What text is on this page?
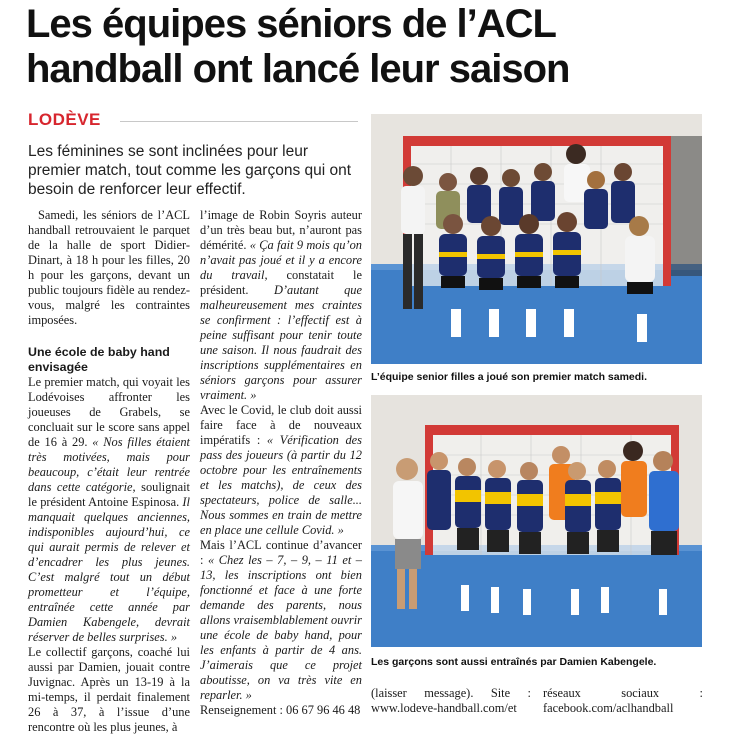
Les équipes séniors de l’ACL
handball ont lancé leur saison
LODÈVE
Les féminines se sont inclinées pour leur premier match, tout comme les garçons qui ont besoin de renforcer leur effectif.

Samedi, les séniors de l’ACL handball retrouvaient le parquet de la halle de sport Didier-Dinart, à 18 h pour les filles, 20 h pour les garçons, devant un public toujours fidèle au rendez-vous, malgré les contraintes imposées.

Une école de baby hand envisagée

Le premier match, qui voyait les Lodévoises affronter les joueuses de Grabels, se concluait sur le score sans appel de 16 à 29. « Nos filles étaient très motivées, mais pour beaucoup, c’était leur rentrée dans cette catégorie, soulignait le président Antoine Espinosa. Il manquait quelques anciennes, indisponibles aujourd’hui, ce qui aurait permis de relever et d’encadrer les plus jeunes. C’est malgré tout un début prometteur et l’équipe, entraînée cette année par Damien Kabengele, devrait réserver de belles surprises. »

Le collectif garçons, coaché lui aussi par Damien, jouait contre Juvignac. Après un 13-19 à la mi-temps, il perdait finalement 26 à 37, à l’issue d’une rencontre où les plus jeunes, à

l’image de Robin Soyris auteur d’un très beau but, n’auront pas démérité. « Ça fait 9 mois qu’on n’avait pas joué et il y a encore du travail, constatait le président. D’autant que malheureusement mes craintes se confirment : l’effectif est à peine suffisant pour tenir toute une saison. Il nous faudrait des inscriptions supplémentaires en séniors garçons pour assurer vraiment. »

Avec le Covid, le club doit aussi faire face à de nouveaux impératifs : « Vérification des pass des joueurs (à partir du 12 octobre pour les entraînements et les matchs), de ceux des spectateurs, police de salle... Nous sommes en train de mettre en place une cellule Covid. »

Mais l’ACL continue d’avancer : « Chez les – 7, – 9, – 11 et – 13, les inscriptions ont bien fonctionné et face à une forte demande des parents, nous allons vraisemblablement ouvrir une école de baby hand, pour les enfants à partir de 4 ans. J’aimerais que ce projet aboutisse, on va très vite en reparler. »

Renseignement : 06 67 96 46 48

L’équipe senior filles a joué son premier match samedi.
Les garçons sont aussi entraînés par Damien Kabengele.
(laisser message). Site : www.lodeve-handball.com/et
réseaux sociaux : facebook.com/aclhandball
